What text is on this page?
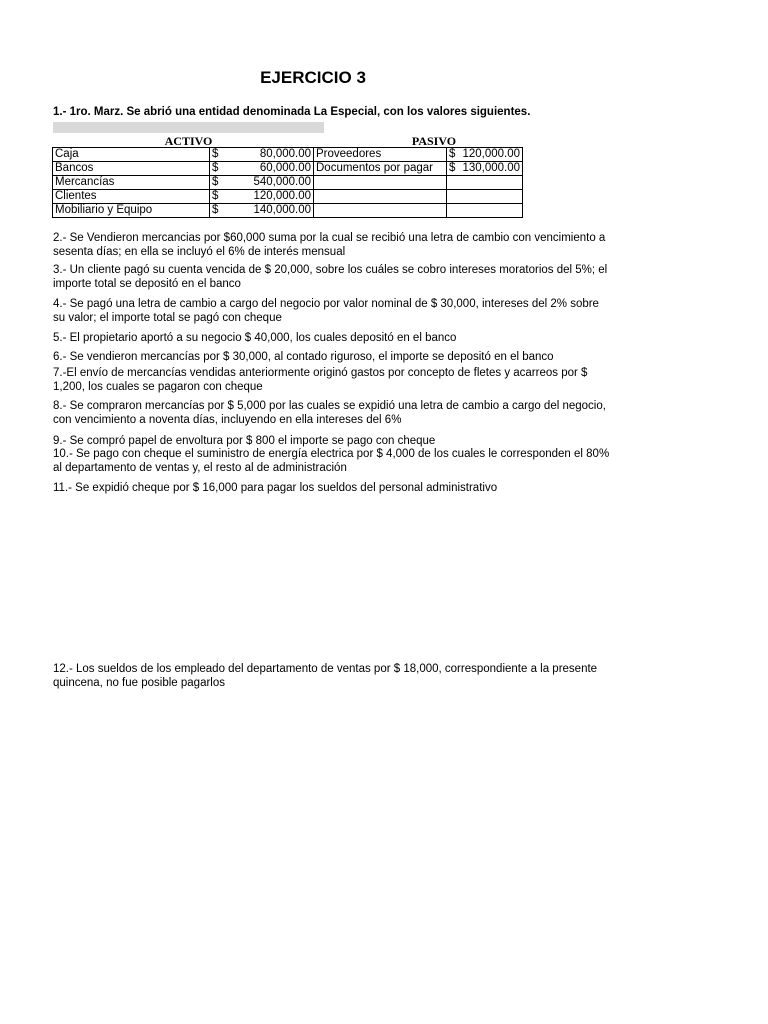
EJERCICIO 3
1.- 1ro. Marz. Se abrió una entidad denominada La Especial, con los valores siguientes.
ACTIVO	PASIVO
Caja	$ 80,000.00	Proveedores	$ 120,000.00

Bancos	$ 60,000.00	Documentos por pagar	$ 130,000.00

Mercancías	$ 540,000.00		

Clientes	$ 120,000.00		

Mobiliario y Equipo	$ 140,000.00		

2.- Se Vendieron mercancias por $60,000 suma por la cual se recibió una letra de cambio con vencimiento a sesenta días; en ella se incluyó el 6% de interés mensual
3.- Un cliente pagó su cuenta vencida de $ 20,000, sobre los cuáles se cobro intereses moratorios del 5%; el importe total se depositó en el banco
4.- Se pagó una letra de cambio a cargo del negocio por valor nominal de $ 30,000, intereses del 2% sobre su valor; el importe total se pagó con cheque
5.- El propietario aportó a su negocio $ 40,000, los cuales depositó en el banco
6.- Se vendieron mercancías por $ 30,000, al contado riguroso, el importe se depositó en el banco
7.-El envío de mercancías vendidas anteriormente originó gastos por concepto de fletes y acarreos por $ 1,200, los cuales se pagaron con cheque
8.- Se compraron mercancías por $ 5,000 por las cuales se expidió una letra de cambio a cargo del negocio, con vencimiento a noventa días, incluyendo en ella intereses del 6%
9.- Se compró papel de envoltura por $ 800 el importe se pago con cheque
10.- Se pago con cheque el suministro de energía electrica por $ 4,000 de los cuales le corresponden el 80% al departamento de ventas y, el resto al de administración
11.- Se expidió cheque por $ 16,000 para pagar los sueldos del personal administrativo
12.- Los sueldos de los empleado del departamento de ventas por $ 18,000, correspondiente a la presente quincena, no fue posible pagarlos
